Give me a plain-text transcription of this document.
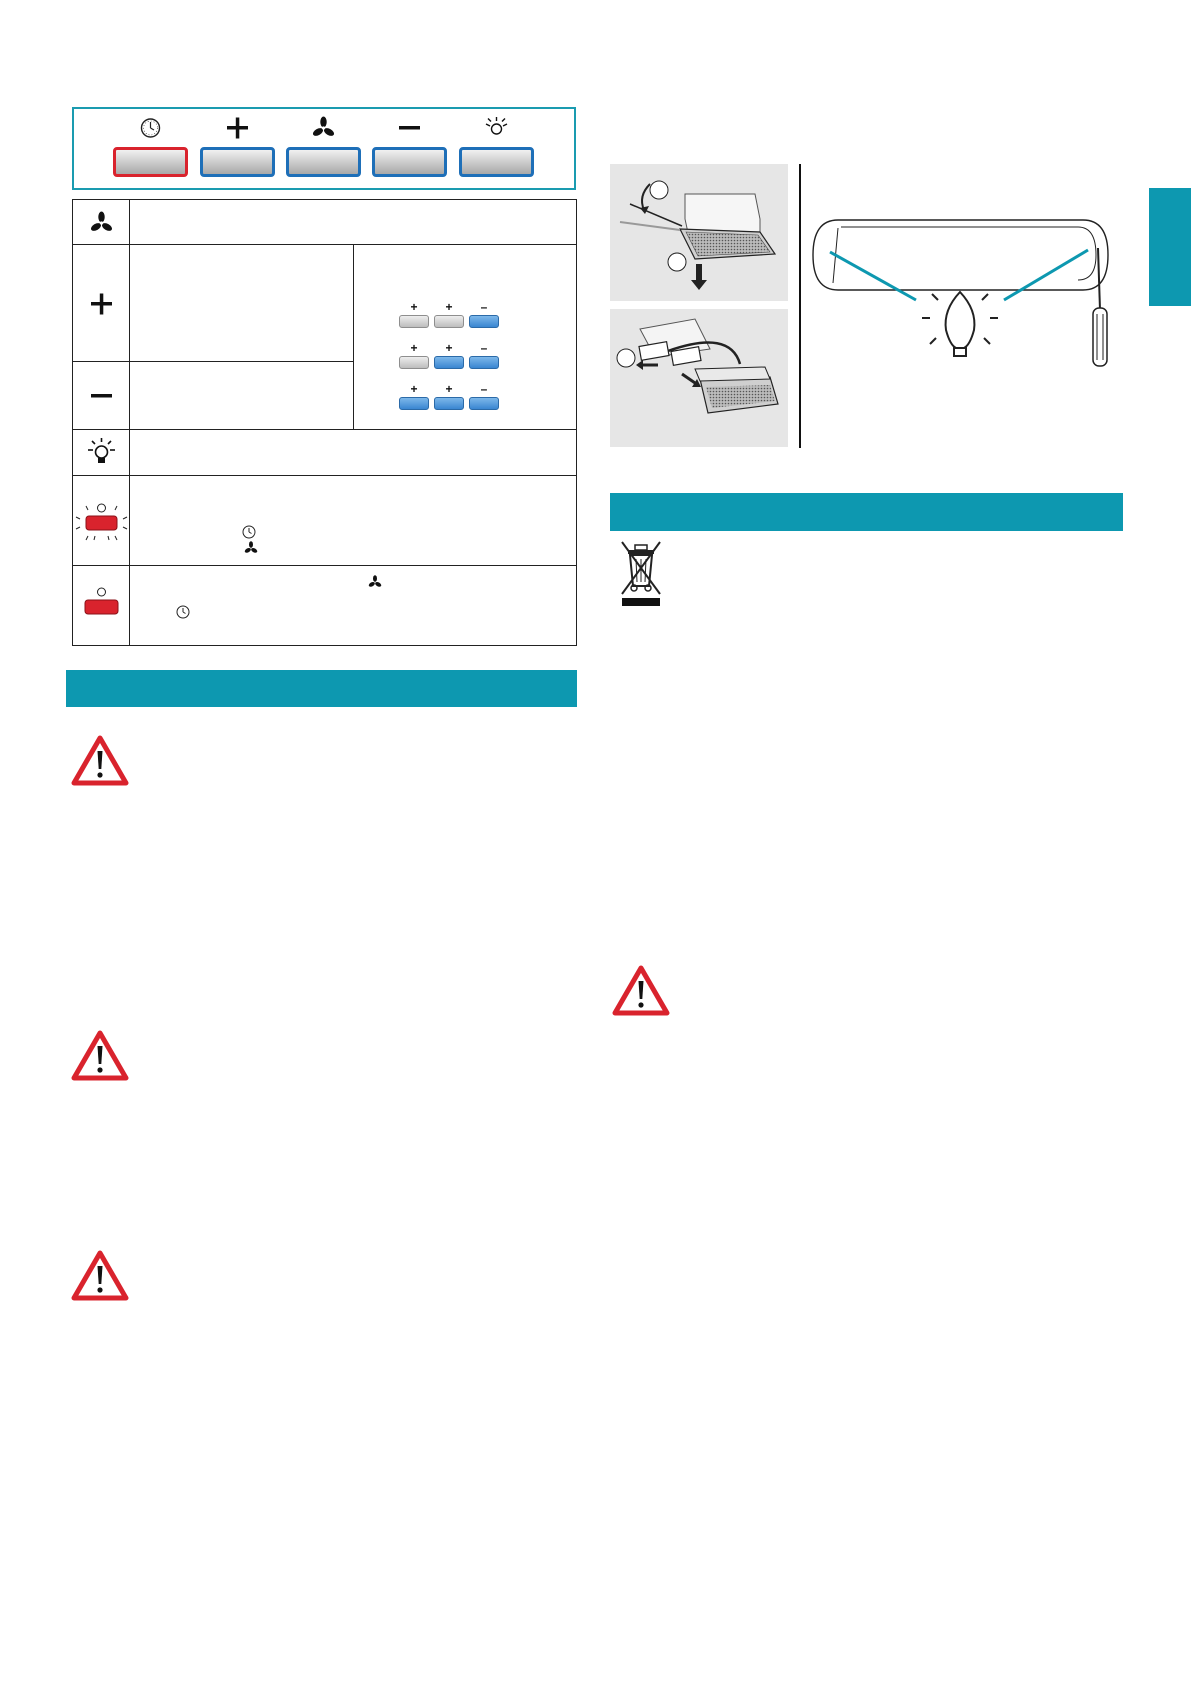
+	+	–
+	+	–
+	+	–
